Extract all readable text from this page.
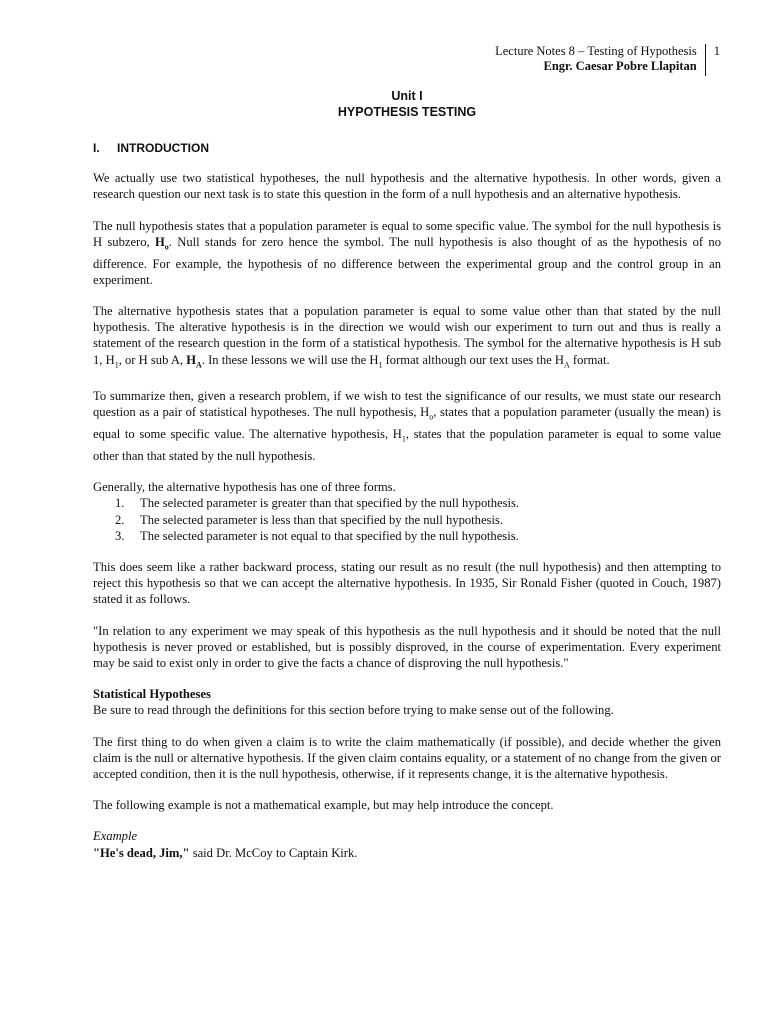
Lecture Notes 8 – Testing of Hypothesis
Engr. Caesar Pobre Llapitan
1
Unit I
HYPOTHESIS TESTING
I.	INTRODUCTION

We actually use two statistical hypotheses, the null hypothesis and the alternative hypothesis. In other words, given a research question our next task is to state this question in the form of a null hypothesis and an alternative hypothesis.

The null hypothesis states that a population parameter is equal to some specific value. The symbol for the null hypothesis is H subzero, $H_o$. Null stands for zero hence the symbol. The null hypothesis is also thought of as the hypothesis of no difference. For example, the hypothesis of no difference between the experimental group and the control group in an experiment.

The alternative hypothesis states that a population parameter is equal to some value other than that stated by the null hypothesis. The alterative hypothesis is in the direction we would wish our experiment to turn out and thus is really a statement of the research question in the form of a statistical hypothesis. The symbol for the alternative hypothesis is H sub 1, $H_1$, or H sub A, $H_A$. In these lessons we will use the $H_1$ format although our text uses the $H_A$ format.

To summarize then, given a research problem, if we wish to test the significance of our results, we must state our research question as a pair of statistical hypotheses. The null hypothesis, $H_o$, states that a population parameter (usually the mean) is equal to some specific value. The alternative hypothesis, $H_1$, states that the population parameter is equal to some value other than that stated by the null hypothesis.

Generally, the alternative hypothesis has one of three forms.

1.	The selected parameter is greater than that specified by the null hypothesis.
2.	The selected parameter is less than that specified by the null hypothesis.
3.	The selected parameter is not equal to that specified by the null hypothesis.

This does seem like a rather backward process, stating our result as no result (the null hypothesis) and then attempting to reject this hypothesis so that we can accept the alternative hypothesis. In 1935, Sir Ronald Fisher (quoted in Couch, 1987) stated it as follows.

"In relation to any experiment we may speak of this hypothesis as the null hypothesis and it should be noted that the null hypothesis is never proved or established, but is possibly disproved, in the course of experimentation. Every experiment may be said to exist only in order to give the facts a chance of disproving the null hypothesis."

Statistical Hypotheses

Be sure to read through the definitions for this section before trying to make sense out of the following.

The first thing to do when given a claim is to write the claim mathematically (if possible), and decide whether the given claim is the null or alternative hypothesis. If the given claim contains equality, or a statement of no change from the given or accepted condition, then it is the null hypothesis, otherwise, if it represents change, it is the alternative hypothesis.

The following example is not a mathematical example, but may help introduce the concept.

Example
"He's dead, Jim," said Dr. McCoy to Captain Kirk.
